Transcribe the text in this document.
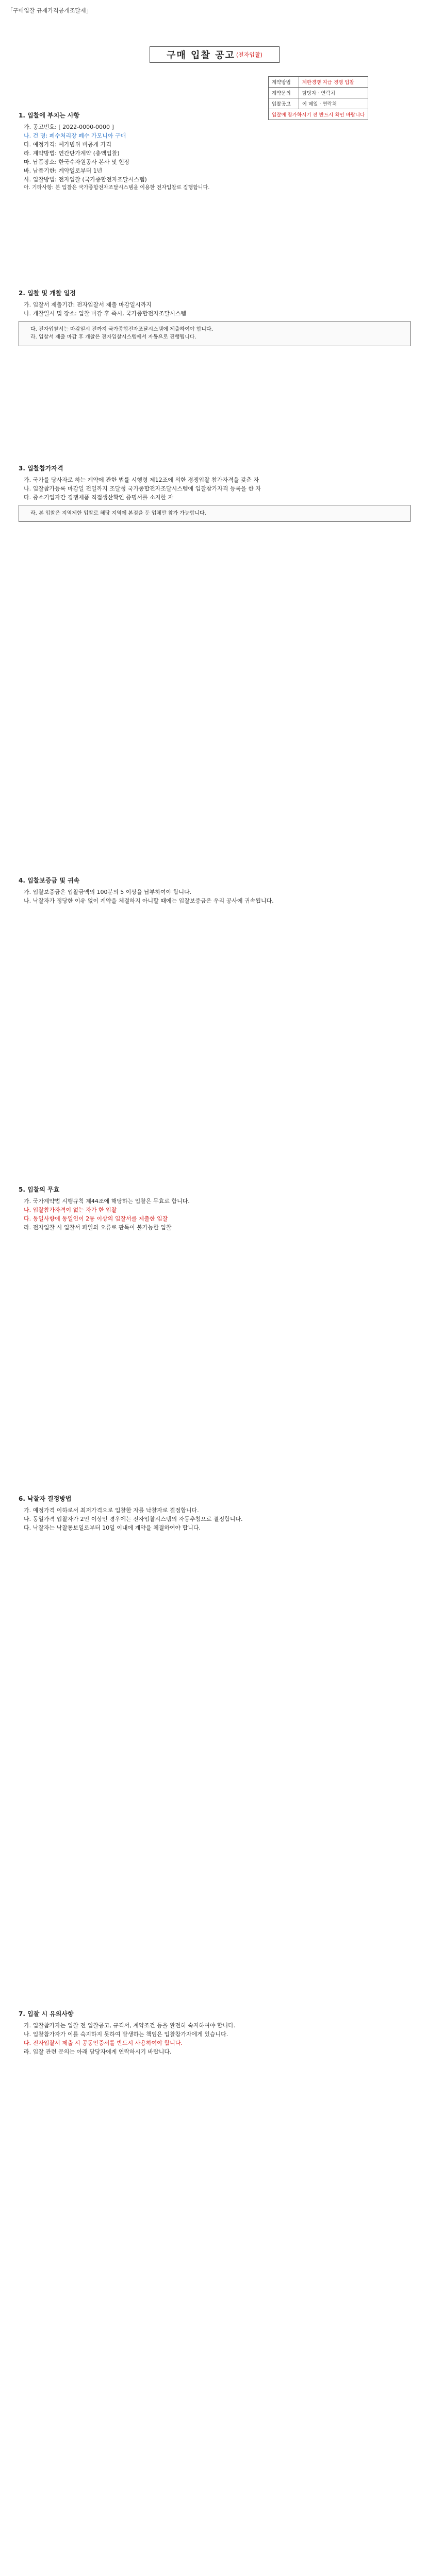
「구매입찰 규제가격공개조달제」
구매 입찰 공고 (전자입찰)
계약방법	제한경쟁 지급 경쟁 입찰
계약문의	담당자 · 연락처
입찰공고	이 메일 · 연락처
입찰에 참가하시기 전 반드시 확인 바랍니다	

1. 입찰에 부치는 사항

가. 공고번호: [ 2022-0000-0000 ]

나. 건 명: 폐수처리장 폐수 가모니아 구매

다. 예정가격: 예가범위 비공개 가격

라. 계약방법: 연간단가계약 (총액입찰)

마. 납품장소: 한국수자원공사 본사 및 현장

바. 납품기한: 계약일로부터 1년

사. 입찰방법: 전자입찰 (국가종합전자조달시스템)

아. 기타사항: 본 입찰은 국가종합전자조달시스템을 이용한 전자입찰로 집행합니다.

2. 입찰 및 개찰 일정

가. 입찰서 제출기간: 전자입찰서 제출 마감일시까지

나. 개찰일시 및 장소: 입찰 마감 후 즉시, 국가종합전자조달시스템

다. 전자입찰서는 마감일시 전까지 국가종합전자조달시스템에 제출하여야 합니다.

라. 입찰서 제출 마감 후 개찰은 전자입찰시스템에서 자동으로 진행됩니다.

3. 입찰참가자격

가. 국가를 당사자로 하는 계약에 관한 법률 시행령 제12조에 의한 경쟁입찰 참가자격을 갖춘 자

나. 입찰참가등록 마감일 전일까지 조달청 국가종합전자조달시스템에 입찰참가자격 등록을 한 자

다. 중소기업자간 경쟁제품 직접생산확인 증명서를 소지한 자

라. 본 입찰은 지역제한 입찰로 해당 지역에 본점을 둔 업체만 참가 가능합니다.

4. 입찰보증금 및 귀속

가. 입찰보증금은 입찰금액의 100분의 5 이상을 납부하여야 합니다.

나. 낙찰자가 정당한 이유 없이 계약을 체결하지 아니할 때에는 입찰보증금은 우리 공사에 귀속됩니다.

5. 입찰의 무효

가. 국가계약법 시행규칙 제44조에 해당하는 입찰은 무효로 합니다.

나. 입찰참가자격이 없는 자가 한 입찰

다. 동일사항에 동일인이 2통 이상의 입찰서를 제출한 입찰

라. 전자입찰 시 입찰서 파일의 오류로 판독이 불가능한 입찰

6. 낙찰자 결정방법

가. 예정가격 이하로서 최저가격으로 입찰한 자를 낙찰자로 결정합니다.

나. 동일가격 입찰자가 2인 이상인 경우에는 전자입찰시스템의 자동추첨으로 결정합니다.

다. 낙찰자는 낙찰통보일로부터 10일 이내에 계약을 체결하여야 합니다.

7. 입찰 시 유의사항

가. 입찰참가자는 입찰 전 입찰공고, 규격서, 계약조건 등을 완전히 숙지하여야 합니다.

나. 입찰참가자가 이를 숙지하지 못하여 발생하는 책임은 입찰참가자에게 있습니다.

다. 전자입찰서 제출 시 공동인증서를 반드시 사용하여야 합니다.

라. 입찰 관련 문의는 아래 담당자에게 연락하시기 바랍니다.
